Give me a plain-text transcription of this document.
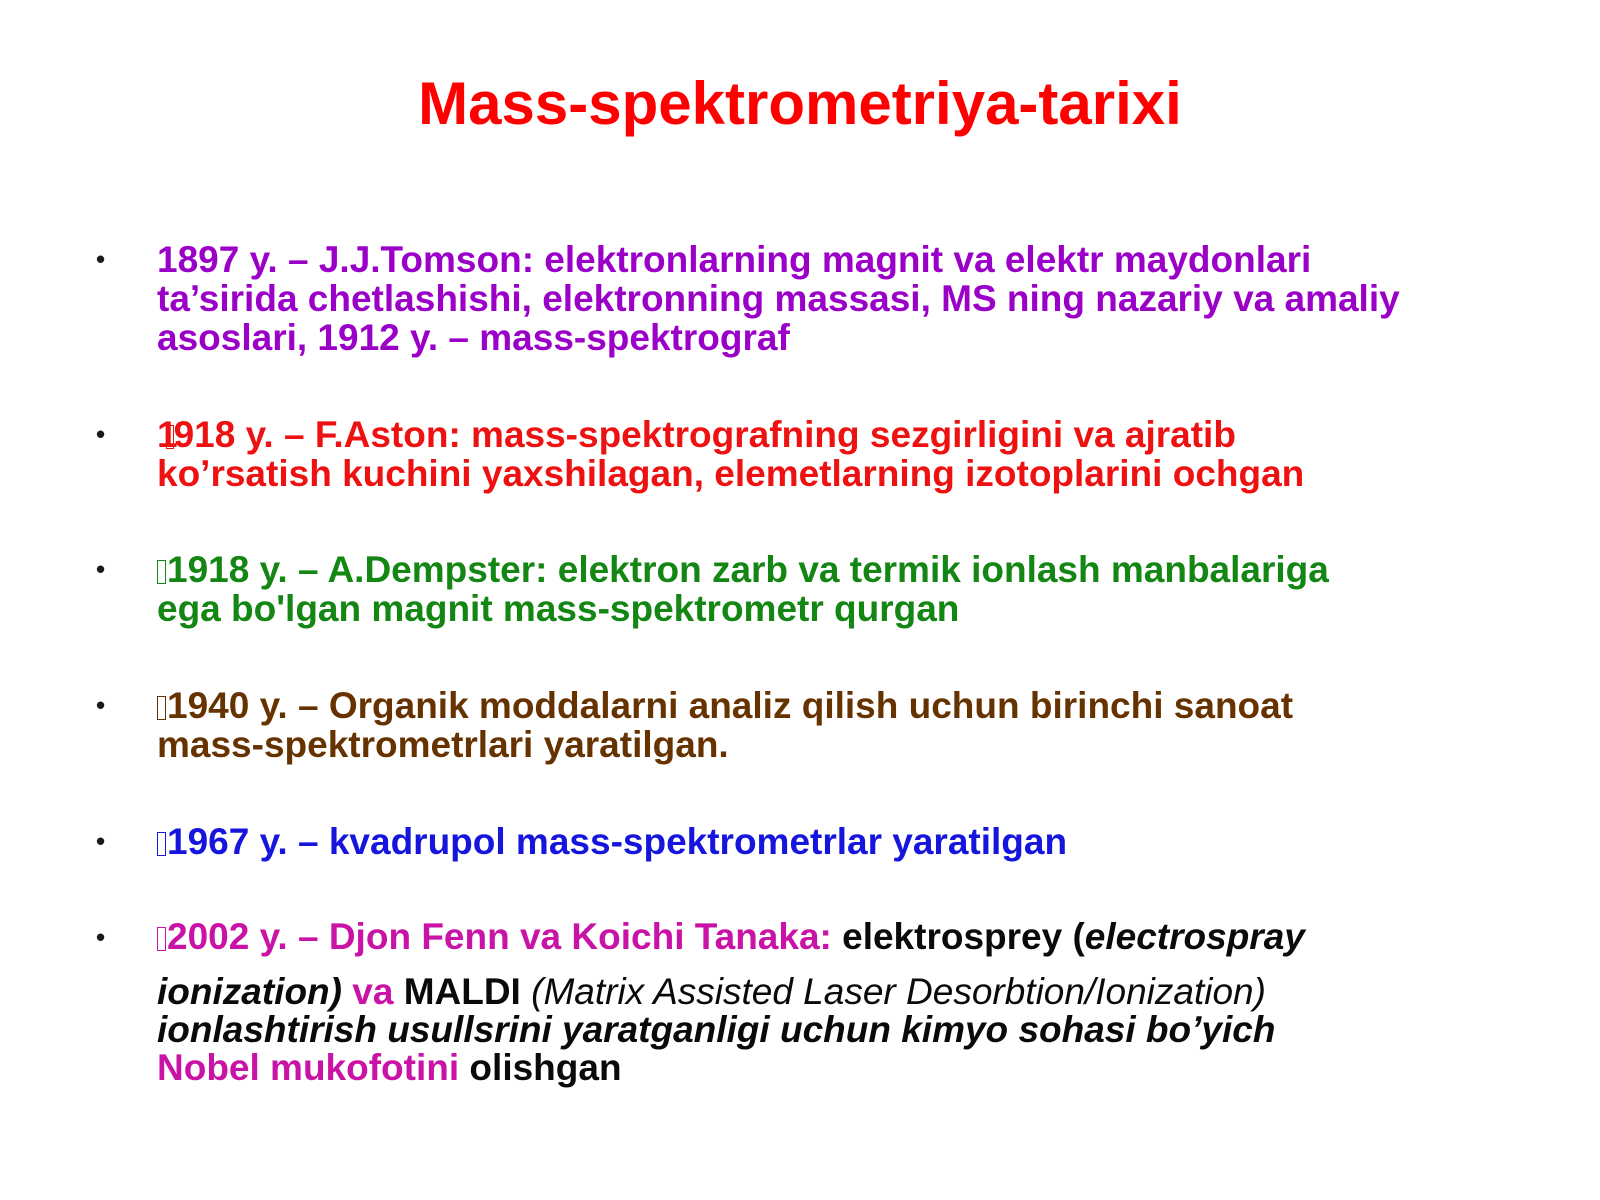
Mass-spektrometriya-tarixi
• 1897 y. – J.J.Tomson: elektronlarning magnit va elektr maydonlari
ta’sirida chetlashishi, elektronning massasi, MS ning nazariy va amaliy
asoslari, 1912 y. – mass-spektrograf
• 1918 y. – F.Aston: mass-spektrografning sezgirligini va ajratib
ko’rsatish kuchini yaxshilagan, elemetlarning izotoplarini ochgan
• 1918 y. – A.Dempster: elektron zarb va termik ionlash manbalariga
ega bo'lgan magnit mass-spektrometr qurgan
• 1940 y. – Organik moddalarni analiz qilish uchun birinchi sanoat
mass-spektrometrlari yaratilgan.
• 1967 y. – kvadrupol mass-spektrometrlar yaratilgan
• 2002 y. – Djon Fenn va Koichi Tanaka: elektrosprey (electrospray
ionization) va MALDI (Matrix Assisted Laser Desorbtion/Ionization)
ionlashtirish usullsrini yaratganligi uchun kimyo sohasi bo’yich
Nobel mukofotini olishgan
